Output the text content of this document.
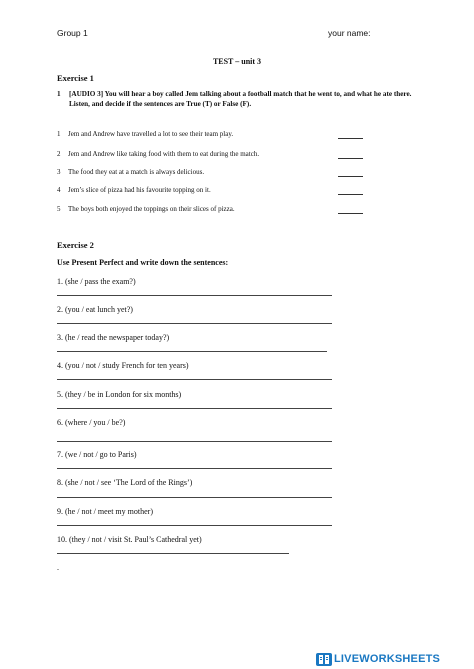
Group 1	your name:
TEST – unit 3
Exercise 1
1	[AUDIO 3] You will hear a boy called Jem talking about a football match that he went to, and what he ate there. Listen, and decide if the sentences are True (T) or False (F).
1 Jem and Andrew have travelled a lot to see their team play.
2 Jem and Andrew like taking food with them to eat during the match.
3 The food they eat at a match is always delicious.
4 Jem’s slice of pizza had his favourite topping on it.
5 The boys both enjoyed the toppings on their slices of pizza.
Exercise 2
Use Present Perfect and write down the sentences:
1. (she / pass the exam?)
2. (you / eat lunch yet?)
3. (he / read the newspaper today?)
4. (you / not / study French for ten years)
5. (they / be in London for six months)
6. (where / you / be?)
7. (we / not / go to Paris)
8. (she / not / see ‘The Lord of the Rings’)
9. (he / not / meet my mother)
10. (they / not / visit St. Paul’s Cathedral yet)
.
LIVEWORKSHEETS
